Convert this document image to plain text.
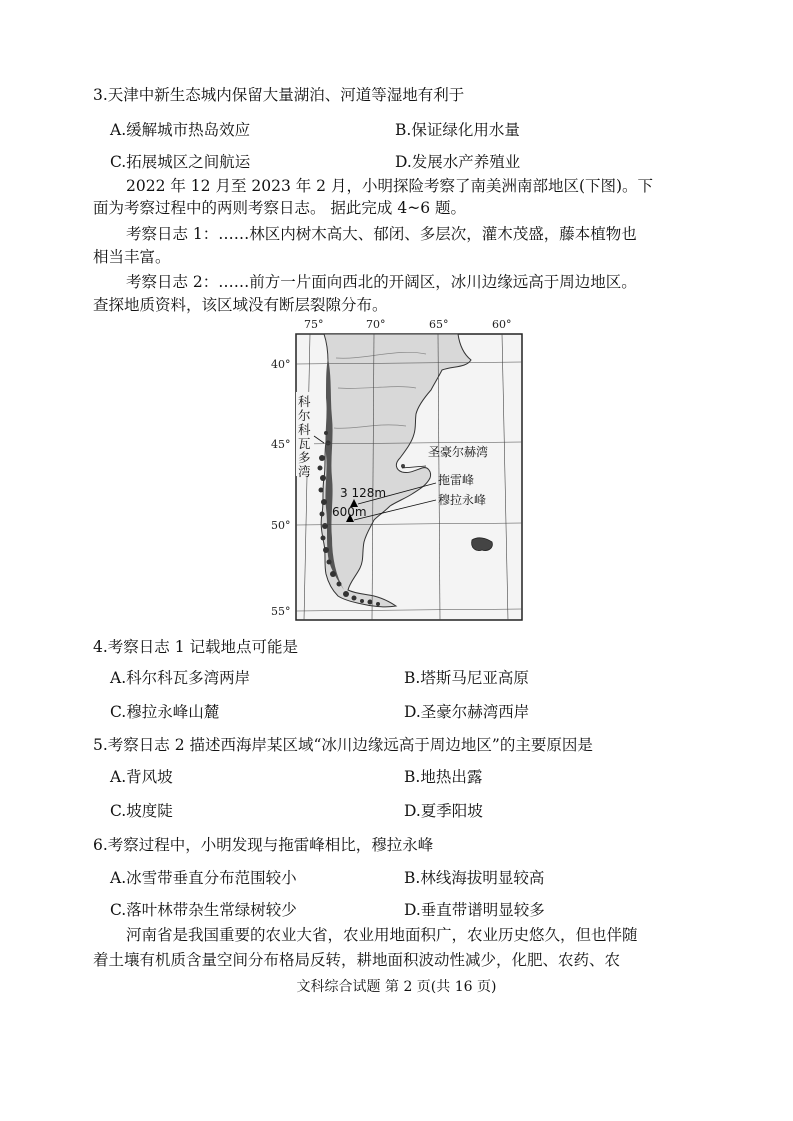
3.天津中新生态城内保留大量湖泊、河道等湿地有利于
A.缓解城市热岛效应	B.保证绿化用水量
C.拓展城区之间航运	D.发展水产养殖业
2022 年 12 月至 2023 年 2 月，小明探险考察了南美洲南部地区(下图)。下
面为考察过程中的两则考察日志。 据此完成 4~6 题。
考察日志 1：……林区内树木高大、郁闭、多层次，灌木茂盛，藤本植物也
相当丰富。
考察日志 2：……前方一片面向西北的开阔区，冰川边缘远高于周边地区。
查探地质资料，该区域没有断层裂隙分布。
75°	70°	65°	60°
40°
45°
50°
55°
3 128m
600m
圣豪尔赫湾
拖雷峰
穆拉永峰
科
尔
科
瓦
多
湾
4.考察日志 1 记载地点可能是
A.科尔科瓦多湾两岸	B.塔斯马尼亚高原
C.穆拉永峰山麓	D.圣豪尔赫湾西岸
5.考察日志 2 描述西海岸某区域“冰川边缘远高于周边地区”的主要原因是
A.背风坡	B.地热出露
C.坡度陡	D.夏季阳坡
6.考察过程中，小明发现与拖雷峰相比，穆拉永峰
A.冰雪带垂直分布范围较小	B.林线海拔明显较高
C.落叶林带杂生常绿树较少	D.垂直带谱明显较多
河南省是我国重要的农业大省，农业用地面积广，农业历史悠久，但也伴随
着土壤有机质含量空间分布格局反转，耕地面积波动性减少，化肥、农药、农
文科综合试题 第 2 页(共 16 页)
